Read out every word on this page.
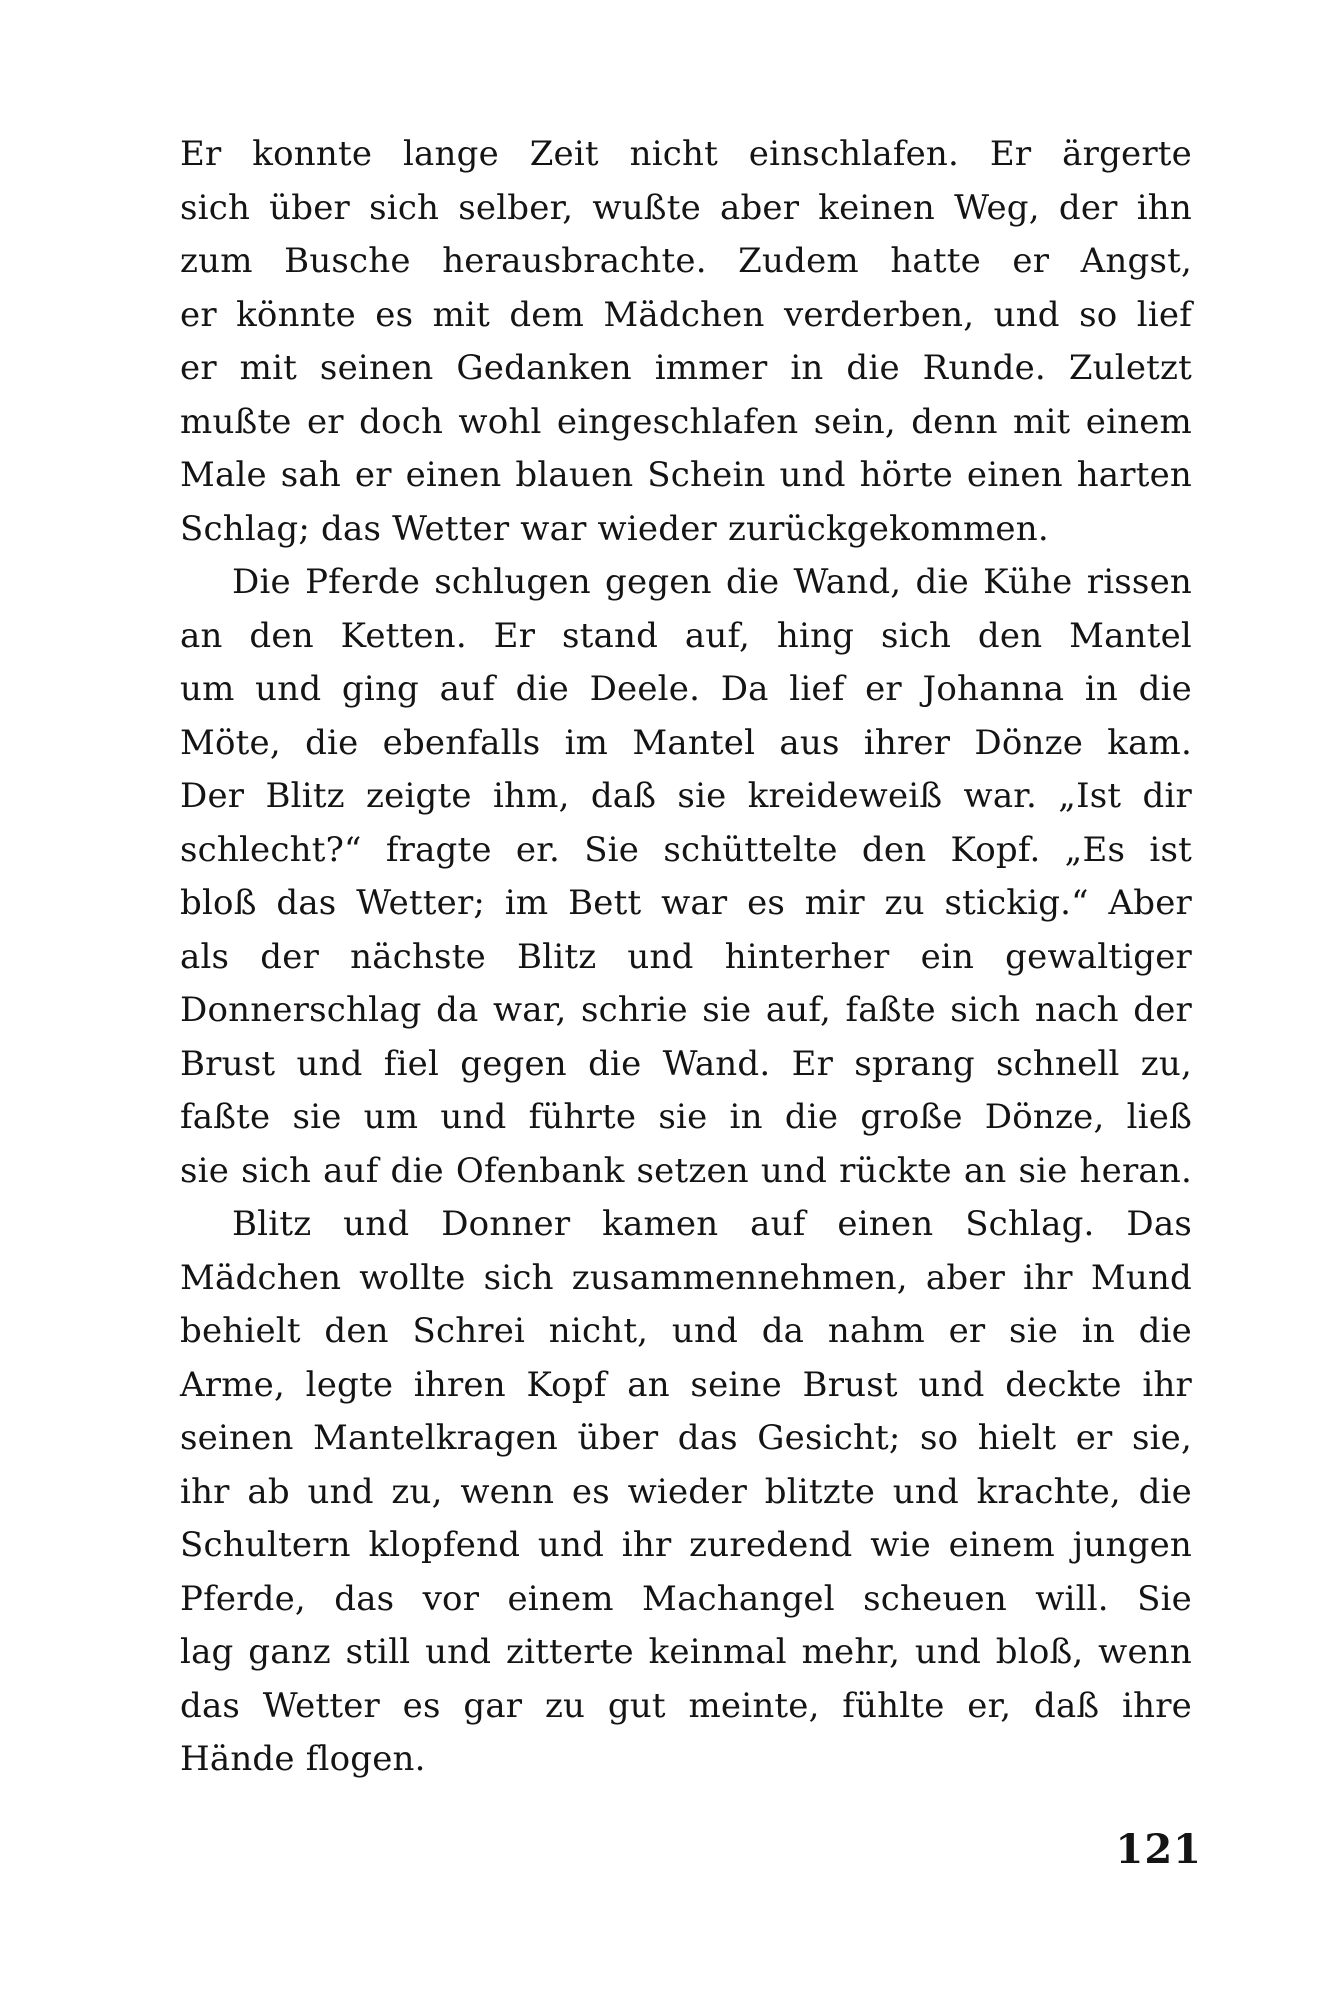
Er konnte lange Zeit nicht einschlafen. Er ärgerte
sich über sich selber, wußte aber keinen Weg, der ihn
zum Busche herausbrachte. Zudem hatte er Angst,
er könnte es mit dem Mädchen verderben, und so lief
er mit seinen Gedanken immer in die Runde. Zuletzt
mußte er doch wohl eingeschlafen sein, denn mit einem
Male sah er einen blauen Schein und hörte einen harten
Schlag; das Wetter war wieder zurückgekommen.
Die Pferde schlugen gegen die Wand, die Kühe rissen
an den Ketten. Er stand auf, hing sich den Mantel
um und ging auf die Deele. Da lief er Johanna in die
Möte, die ebenfalls im Mantel aus ihrer Dönze kam.
Der Blitz zeigte ihm, daß sie kreideweiß war. „Ist dir
schlecht?“ fragte er. Sie schüttelte den Kopf. „Es ist
bloß das Wetter; im Bett war es mir zu stickig.“ Aber
als der nächste Blitz und hinterher ein gewaltiger
Donnerschlag da war, schrie sie auf, faßte sich nach der
Brust und fiel gegen die Wand. Er sprang schnell zu,
faßte sie um und führte sie in die große Dönze, ließ
sie sich auf die Ofenbank setzen und rückte an sie heran.
Blitz und Donner kamen auf einen Schlag. Das
Mädchen wollte sich zusammennehmen, aber ihr Mund
behielt den Schrei nicht, und da nahm er sie in die
Arme, legte ihren Kopf an seine Brust und deckte ihr
seinen Mantelkragen über das Gesicht; so hielt er sie,
ihr ab und zu, wenn es wieder blitzte und krachte, die
Schultern klopfend und ihr zuredend wie einem jungen
Pferde, das vor einem Machangel scheuen will. Sie
lag ganz still und zitterte keinmal mehr, und bloß, wenn
das Wetter es gar zu gut meinte, fühlte er, daß ihre
Hände flogen.
121
